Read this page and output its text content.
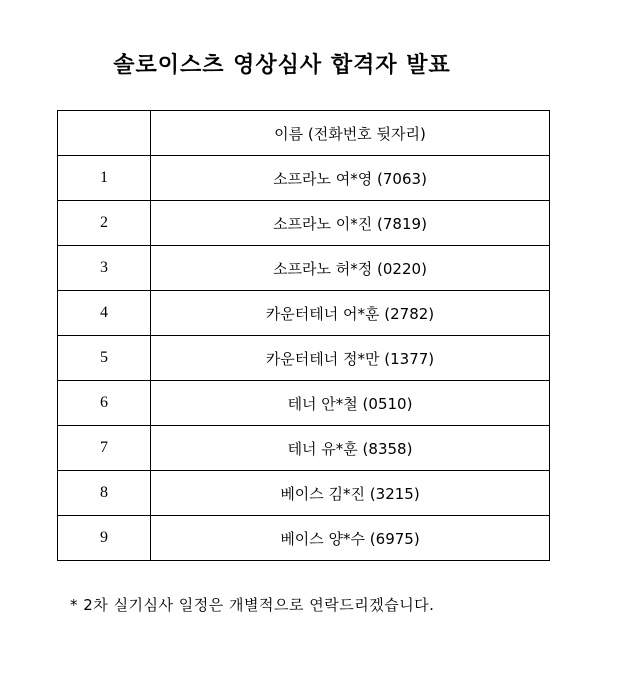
솔로이스츠 영상심사 합격자 발표
	이름 (전화번호 뒷자리)
1	소프라노 여*영 (7063)
2	소프라노 이*진 (7819)
3	소프라노 허*정 (0220)
4	카운터테너 어*훈 (2782)
5	카운터테너 정*만 (1377)
6	테너 안*철 (0510)
7	테너 유*훈 (8358)
8	베이스 김*진 (3215)
9	베이스 양*수 (6975)
* 2차 실기심사 일정은 개별적으로 연락드리겠습니다.
